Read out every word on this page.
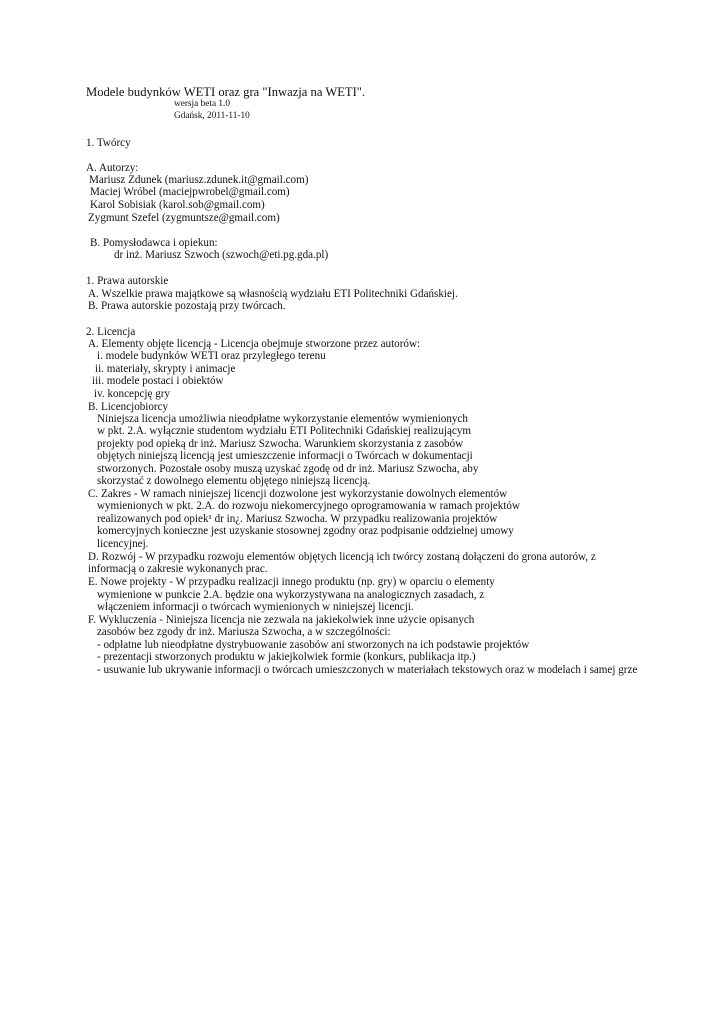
Modele budynków WETI oraz gra "Inwazja na WETI".
wersja beta 1.0
Gdańsk, 2011-11-10
1. Twórcy
A. Autorzy:
Mariusz Zdunek (mariusz.zdunek.it@gmail.com)
Maciej Wróbel (maciejpwrobel@gmail.com)
Karol Sobisiak (karol.sob@gmail.com)
Zygmunt Szefel (zygmuntsze@gmail.com)
B. Pomysłodawca i opiekun:
dr inż. Mariusz Szwoch (szwoch@eti.pg.gda.pl)
1. Prawa autorskie
A. Wszelkie prawa majątkowe są własnością wydziału ETI Politechniki Gdańskiej.
B. Prawa autorskie pozostają przy twórcach.
2. Licencja
A. Elementy objęte licencją - Licencja obejmuje stworzone przez autorów:
i. modele budynków WETI oraz przyległego terenu
ii. materiały, skrypty i animacje
iii. modele postaci i obiektów
iv. koncepcję gry
B. Licencjobiorcy
Niniejsza licencja umożliwia nieodpłatne wykorzystanie elementów wymienionych
w pkt. 2.A. wyłącznie studentom wydziału ETI Politechniki Gdańskiej realizującym
projekty pod opieką dr inż. Mariusz Szwocha. Warunkiem skorzystania z zasobów
objętych niniejszą licencją jest umieszczenie informacji o Twórcach w dokumentacji
stworzonych. Pozostałe osoby muszą uzyskać zgodę od dr inż. Mariusz Szwocha, aby
skorzystać z dowolnego elementu objętego niniejszą licencją.
C. Zakres - W ramach niniejszej licencji dozwolone jest wykorzystanie dowolnych elementów
wymienionych w pkt. 2.A. do rozwoju niekomercyjnego oprogramowania w ramach projektów
realizowanych pod opiek¹ dr in¿. Mariusz Szwocha. W przypadku realizowania projektów
komercyjnych konieczne jest uzyskanie stosownej zgodny oraz podpisanie oddzielnej umowy
licencyjnej.
D. Rozwój - W przypadku rozwoju elementów objętych licencją ich twórcy zostaną dołączeni do grona autorów, z
informacją o zakresie wykonanych prac.
E. Nowe projekty - W przypadku realizacji innego produktu (np. gry) w oparciu o elementy
wymienione w punkcie 2.A. będzie ona wykorzystywana na analogicznych zasadach, z
włączeniem informacji o twórcach wymienionych w niniejszej licencji.
F. Wykluczenia - Niniejsza licencja nie zezwala na jakiekolwiek inne użycie opisanych
zasobów bez zgody dr inż. Mariusza Szwocha, a w szczególności:
- odpłatne lub nieodpłatne dystrybuowanie zasobów ani stworzonych na ich podstawie projektów
- prezentacji stworzonych produktu w jakiejkolwiek formie (konkurs, publikacja itp.)
- usuwanie lub ukrywanie informacji o twórcach umieszczonych w materiałach tekstowych oraz w modelach i samej grze
